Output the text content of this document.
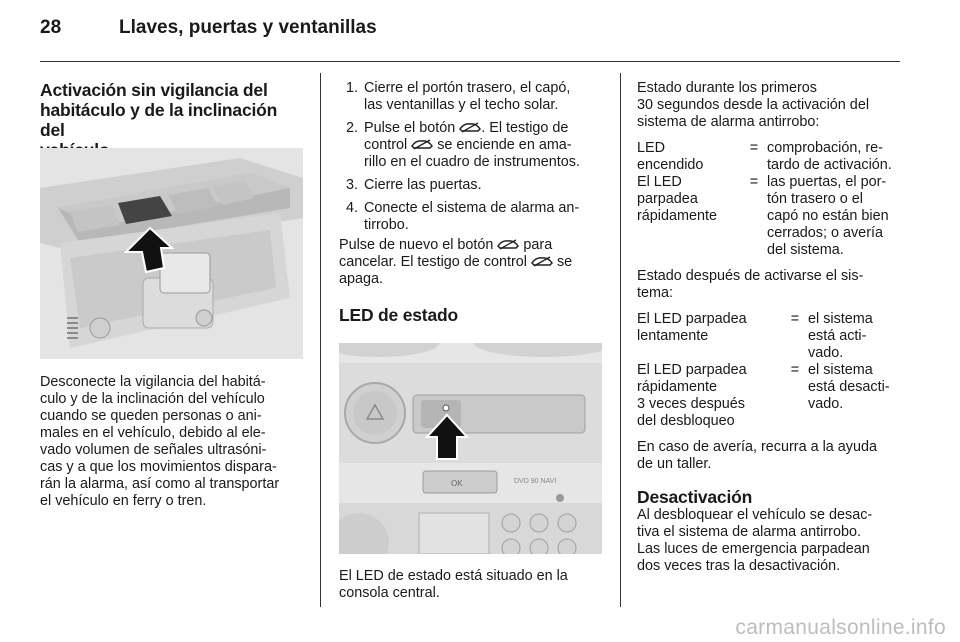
28	Llaves, puertas y ventanillas
Activación sin vigilancia del
habitáculo y de la inclinación del
Desconecte la vigilancia del habitá-
culo y de la inclinación del vehículo
cuando se queden personas o ani-
males en el vehículo, debido al ele-
vado volumen de señales ultrasóni-
cas y a que los movimientos dispara-
rán la alarma, así como al transportar
el vehículo en ferry o tren.
1. Cierre el portón trasero, el capó,
las ventanillas y el techo solar.
2. Pulse el botón . El testigo de
control  se enciende en ama-
rillo en el cuadro de instrumentos.
3. Cierre las puertas.
4. Conecte el sistema de alarma an-
tirrobo.
Pulse de nuevo el botón  para
cancelar. El testigo de control  se
apaga.
LED de estado
OK	DVD 90 NAVI
El LED de estado está situado en la
consola central.
Estado durante los primeros
30 segundos desde la activación del
sistema de alarma antirrobo:
LED
encendido
= comprobación, re-
tardo de activación.
El LED
parpadea
rápidamente
= las puertas, el por-
tón trasero o el
capó no están bien
cerrados; o avería
del sistema.
Estado después de activarse el sis-
tema:
El LED parpadea
lentamente
= el sistema
está acti-
vado.
El LED parpadea
rápidamente
3 veces después
del desbloqueo
= el sistema
está desacti-
vado.
En caso de avería, recurra a la ayuda
de un taller.
Desactivación
Al desbloquear el vehículo se desac-
tiva el sistema de alarma antirrobo.
Las luces de emergencia parpadean
dos veces tras la desactivación.
carmanualsonline.info
